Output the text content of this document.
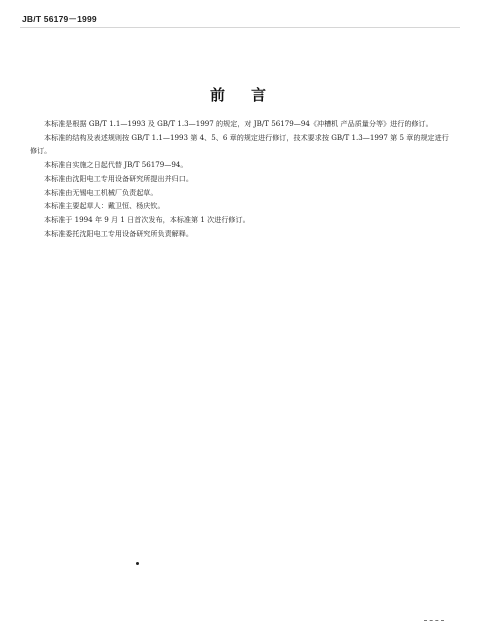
JB/T 56179－1999
前言

本标准是根据 GB/T 1.1—1993 及 GB/T 1.3—1997 的规定，对 JB/T 56179—94《冲槽机 产品质量分等》进行的修订。

本标准的结构及表述规则按 GB/T 1.1—1993 第 4、5、6 章的规定进行修订，技术要求按 GB/T 1.3—1997 第 5 章的规定进行修订。

本标准自实施之日起代替 JB/T 56179—94。

本标准由沈阳电工专用设备研究所提出并归口。

本标准由无锡电工机械厂负责起草。

本标准主要起草人：戴卫恒、杨庆钦。

本标准于 1994 年 9 月 1 日首次发布，本标准第 1 次进行修订。

本标准委托沈阳电工专用设备研究所负责解释。
